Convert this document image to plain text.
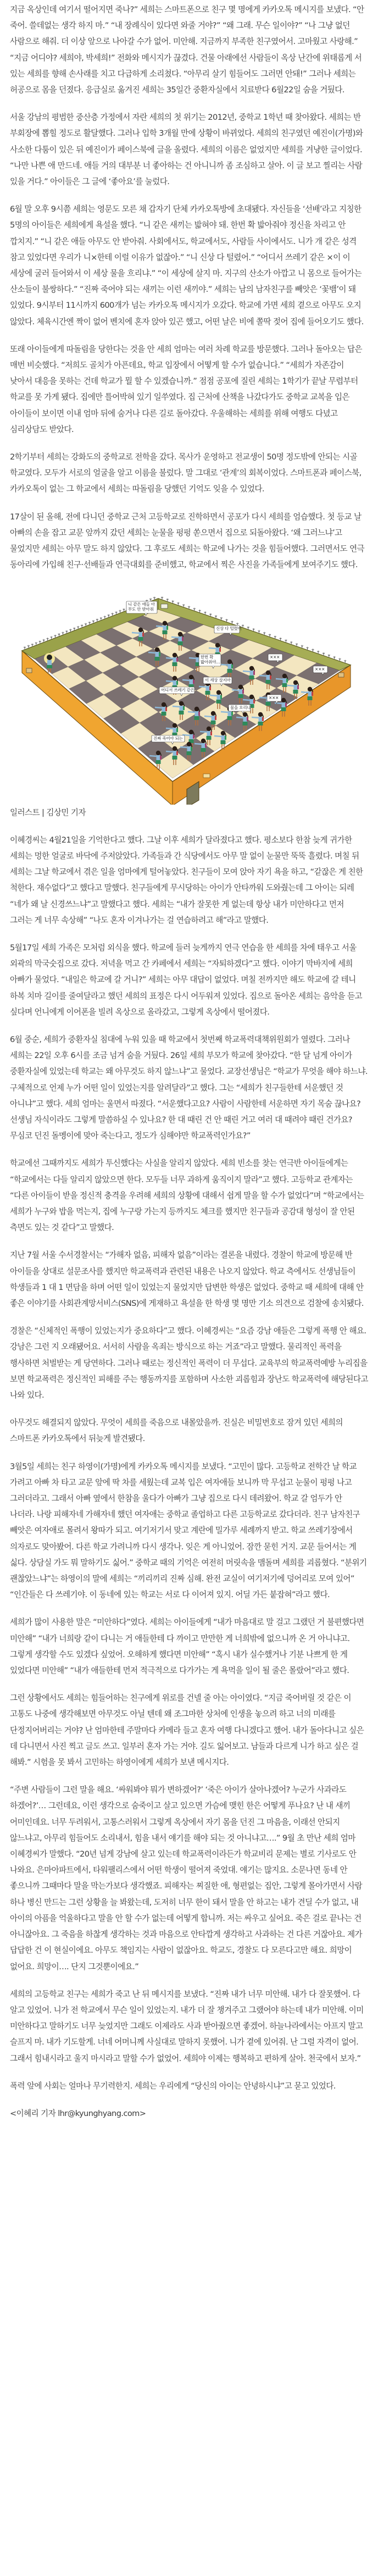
지금 옥상인데 여기서 떨어지면 죽나?” 세희는 스마트폰으로 친구 몇 명에게 카카오톡 메시지를 보냈다. “안 죽어. 쓸데없는 생각 하지 마.” “내 장례식이 있다면 와줄 거야?” “왜 그래. 무슨 일이야?” “나 그냥 없던 사람으로 해줘. 더 이상 앞으로 나아갈 수가 없어. 미안해. 지금까지 부족한 친구였어서. 고마웠고 사랑해.” “지금 어디야? 세희야, 박세희!” 전화와 메시지가 끊겼다. 건물 아래에선 사람들이 옥상 난간에 위태롭게 서 있는 세희를 향해 손사래를 치고 다급하게 소리쳤다. “아무리 살기 힘들어도 그러면 안돼!” 그러나 세희는 허공으로 몸을 던졌다. 응급실로 옮겨진 세희는 35일간 중환자실에서 치료받다 6월22일 숨을 거뒀다.

서울 강남의 평범한 중산층 가정에서 자란 세희의 첫 위기는 2012년, 중학교 1학년 때 찾아왔다. 세희는 반 부회장에 뽑힐 정도로 활달했다. 그러나 입학 3개월 만에 상황이 바뀌었다. 세희의 친구였던 예진이(가명)와 사소한 다툼이 있은 뒤 예진이가 페이스북에 글을 올렸다. 세희의 이름은 없었지만 세희를 겨냥한 글이었다. “나만 나쁜 애 만드네. 애들 거의 대부분 너 좋아하는 건 아니니까 좀 조심하고 살아. 이 글 보고 찔리는 사람 있을 거다.” 아이들은 그 글에 ‘좋아요’를 눌렀다.

6월 말 오후 9시쯤 세희는 영문도 모른 채 갑자기 단체 카카오톡방에 초대됐다. 자신들을 ‘선배’라고 지칭한 5명의 아이들은 세희에게 욕설을 했다. “니 같은 새끼는 밟혀야 돼. 한번 확 밟아줘야 정신을 차리고 안 깝치지.” “니 같은 애들 아무도 안 받아줘. 사회에서도, 학교에서도, 사람들 사이에서도. 니가 개 같은 성격 참고 있었다면 우리가 니×한테 이럴 이유가 없잖아.” “니 신상 다 털렸어.” “어디서 쓰레기 같은 ×이 이 세상에 굴러 들어와서 이 세상 물을 흐리냐.” “이 세상에 살지 마. 지구의 산소가 아깝고 니 몸으로 들어가는 산소들이 불쌍하다.” “진짜 죽어야 되는 새끼는 이런 새끼야.” 세희는 남의 남자친구를 빼앗은 ‘꽃뱀’이 돼 있었다. 9시부터 11시까지 600개가 넘는 카카오톡 메시지가 오갔다. 학교에 가면 세희 곁으로 아무도 오지 않았다. 체육시간엔 짝이 없어 벤치에 혼자 앉아 있곤 했고, 어떤 날은 비에 쫄딱 젖어 집에 들어오기도 했다.

또래 아이들에게 따돌림을 당한다는 것을 안 세희 엄마는 여러 차례 학교를 방문했다. 그러나 돌아오는 답은 매번 비슷했다. “저희도 골치가 아픈데요, 학교 입장에서 어떻게 할 수가 없습니다.” “세희가 자존감이 낮아서 대응을 못하는 건데 학교가 뭘 할 수 있겠습니까.” 점점 공포에 질린 세희는 1학기가 끝날 무렵부터 학교를 못 가게 됐다. 집에만 틀어박혀 있기 일쑤였다. 집 근처에 산책을 나갔다가도 중학교 교복을 입은 아이들이 보이면 이내 엄마 뒤에 숨거나 다른 길로 돌아갔다. 우울해하는 세희를 위해 여행도 다녔고 심리상담도 받았다.

2학기부터 세희는 강화도의 중학교로 전학을 갔다. 목사가 운영하고 전교생이 50명 정도밖에 안되는 시골 학교였다. 모두가 서로의 얼굴을 알고 이름을 불렀다. 말 그대로 ‘관계’의 회복이었다. 스마트폰과 페이스북, 카카오톡이 없는 그 학교에서 세희는 따돌림을 당했던 기억도 잊을 수 있었다.

17살이 된 올해, 전에 다니던 중학교 근처 고등학교로 진학하면서 공포가 다시 세희를 엄습했다. 첫 등교 날 아빠의 손을 잡고 교문 앞까지 갔던 세희는 눈물을 펑펑 쏟으면서 집으로 되돌아왔다. ‘왜 그러느냐’고 물었지만 세희는 아무 말도 하지 않았다. 그 후로도 세희는 학교에 나가는 것을 힘들어했다. 그러면서도 연극 동아리에 가입해 친구·선배들과 연극대회를 준비했고, 학교에서 찍은 사진을 가족들에게 보여주기도 했다.

니 같은 애들 아
무도 안 받아줘
신상 다 털렸어
한번 확
밟아줘야…
×××
이 세상 살지마
어디서 쓰레기 같은
×××
×××
물을 흐리냐
진짜 죽어야 되는

일러스트 | 김상민 기자

이혜경씨는 4월21일을 기억한다고 했다. 그날 이후 세희가 달라졌다고 했다. 평소보다 한참 늦게 귀가한 세희는 멍한 얼굴로 바닥에 주저앉았다. 가족들과 간 식당에서도 아무 말 없이 눈물만 뚝뚝 흘렸다. 며칠 뒤 세희는 그날 학교에서 겪은 일을 엄마에게 털어놓았다. 친구들이 모여 앉아 자기 욕을 하고, “같잖은 게 친한 척한다. 재수없다”고 했다고 말했다. 친구들에게 무시당하는 아이가 안타까워 도와줬는데 그 아이는 되레 “네가 왜 날 신경쓰느냐”고 말했다고 했다. 세희는 “내가 잘못한 게 없는데 항상 내가 미안하다고 먼저 그러는 게 너무 속상해” “나도 혼자 이겨나가는 걸 연습하려고 해”라고 말했다.

5월17일 세희 가족은 모처럼 외식을 했다. 학교에 들러 늦게까지 연극 연습을 한 세희를 차에 태우고 서울 외곽의 막국숫집으로 갔다. 저녁을 먹고 간 카페에서 세희는 “자퇴하겠다”고 했다. 이야기 막바지에 세희 아빠가 물었다. “내일은 학교에 갈 거니?” 세희는 아무 대답이 없었다. 며칠 전까지만 해도 학교에 갈 테니 하복 치마 길이를 줄여달라고 했던 세희의 표정은 다시 어두워져 있었다. 집으로 돌아온 세희는 음악을 듣고 싶다며 언니에게 이어폰을 빌려 옥상으로 올라갔고, 그렇게 옥상에서 떨어졌다.

6월 중순, 세희가 중환자실 침대에 누워 있을 때 학교에서 첫번째 학교폭력대책위원회가 열렸다. 그러나 세희는 22일 오후 6시를 조금 넘겨 숨을 거뒀다. 26일 세희 부모가 학교에 찾아갔다. “한 달 넘게 아이가 중환자실에 있었는데 학교는 왜 아무것도 하지 않느냐”고 물었다. 교장선생님은 “학교가 무엇을 해야 하느냐. 구체적으로 언제 누가 어떤 일이 있었는지를 알려달라”고 했다. 그는 “세희가 친구들한테 서운했던 것 아니냐”고 했다. 세희 엄마는 울면서 따졌다. “서운했다고요? 사람이 사람한테 서운하면 자기 목숨 끊나요? 선생님 자식이라도 그렇게 말씀하실 수 있나요? 한 대 때린 건 안 때린 거고 여러 대 때려야 때린 건가요? 무심코 던진 돌멩이에 맞아 죽는다고, 정도가 심해야만 학교폭력인가요?”

학교에선 그때까지도 세희가 투신했다는 사실을 알리지 않았다. 세희 빈소를 찾는 연극반 아이들에게는 “학교에서는 다들 알리지 않았으면 한다. 모두들 너무 과하게 움직이지 말라”고 했다. 고등학교 관계자는 “다른 아이들이 받을 정신적 충격을 우려해 세희의 상황에 대해서 쉽게 말을 할 수가 없었다”며 “학교에서는 세희가 누구와 밥을 먹는지, 집에 누구랑 가는지 등까지도 체크를 했지만 친구들과 공감대 형성이 잘 안된 측면도 있는 것 같다”고 말했다.

지난 7월 서울 수서경찰서는 “가해자 없음, 피해자 없음”이라는 결론을 내렸다. 경찰이 학교에 방문해 반 아이들을 상대로 설문조사를 했지만 학교폭력과 관련된 내용은 나오지 않았다. 학교 측에서도 선생님들이 학생들과 1 대 1 면담을 하며 어떤 일이 있었는지 물었지만 답변한 학생은 없었다. 중학교 때 세희에 대해 안 좋은 이야기를 사회관계망서비스(SNS)에 게재하고 욕설을 한 학생 몇 명만 기소 의견으로 검찰에 송치됐다.

경찰은 “신체적인 폭행이 있었는지가 중요하다”고 했다. 이혜경씨는 “요즘 강남 애들은 그렇게 폭행 안 해요. 강남은 그런 지 오래됐어요. 서서히 사람을 옥죄는 방식으로 하는 거죠”라고 말했다. 물리적인 폭력을 행사하면 처벌받는 게 당연하다. 그러나 때로는 정신적인 폭력이 더 무섭다. 교육부의 학교폭력예방 누리집을 보면 학교폭력은 정신적인 피해를 주는 행동까지를 포함하며 사소한 괴롭힘과 장난도 학교폭력에 해당된다고 나와 있다.

아무것도 해결되지 않았다. 무엇이 세희를 죽음으로 내몰았을까. 진실은 비밀번호로 잠겨 있던 세희의 스마트폰 카카오톡에서 뒤늦게 발견됐다.

3월5일 세희는 친구 하영이(가명)에게 카카오톡 메시지를 보냈다. “고민이 많다. 고등학교 전학간 날 학교 가려고 아빠 차 타고 교문 앞에 딱 차를 세웠는데 교복 입은 여자애들 보니까 막 무섭고 눈물이 펑펑 나고 그러더라고. 그래서 아빠 옆에서 한참을 울다가 아빠가 그냥 집으로 다시 데려왔어. 학교 갈 엄두가 안 나더라. 나랑 피해자네 가해자네 했던 여자애는 중학교 졸업하고 다른 고등학교로 갔다더라. 친구 남자친구 빼앗은 여자애로 몰려서 왕따가 되고. 여기저기서 맞고 계란에 밀가루 세례까지 받고. 학교 쓰레기장에서 의자로도 맞아봤어. 다른 학교 가려니까 다시 생각나. 잊은 게 아니었어. 잠깐 묻힌 거지. 교문 들어서는 게 싫다. 상담실 가도 뭐 말하기도 싫어.” 중학교 때의 기억은 여전히 머릿속을 맴돌며 세희를 괴롭혔다. “분위기 괜찮았느냐”는 하영이의 말에 세희는 “끼리끼리 진짜 심해. 완전 교실이 여기저기에 덩어리로 모여 있어” “인간들은 다 쓰레기야. 이 동네에 있는 학교는 서로 다 이어져 있지. 어딜 가든 붙잡혀”라고 했다.

세희가 많이 사용한 말은 “미안하다”였다. 세희는 아이들에게 “내가 마음대로 말 걸고 그랬던 거 불편했다면 미안해” “내가 너희랑 같이 다니는 거 애들한테 다 까이고 만만한 게 너희밖에 없으니까 온 거 아니냐고. 그렇게 생각할 수도 있겠다 싶었어. 오해하게 했다면 미안해” “혹시 내가 실수했거나 기분 나쁘게 한 게 있었다면 미안해” “내가 애들한테 먼저 적극적으로 다가가는 게 욕먹을 일이 될 줄은 몰랐어”라고 했다.

그런 상황에서도 세희는 힘들어하는 친구에게 위로를 건넬 줄 아는 아이였다. “지금 죽어버릴 것 같은 이 고통도 나중에 생각해보면 아무것도 아닐 텐데 왜 조그마한 상처에 인생을 놓으려 하고 너의 미래를 단정지어버리는 거야? 난 엄마한테 주말마다 카메라 들고 혼자 여행 다니겠다고 했어. 내가 돌아다니고 싶은 데 다니면서 사진 찍고 글도 쓰고. 일부러 혼자 가는 거야. 길도 잃어보고. 남들과 다르게 니가 하고 싶은 걸 해봐.” 시험을 못 봐서 고민하는 하영이에게 세희가 보낸 메시지다.

“주변 사람들이 그런 말을 해요. ‘싸워봐야 뭐가 변하겠어?’ ‘죽은 아이가 살아나겠어? 누군가 사과라도 하겠어?’… 그런데요, 이런 생각으로 숨죽이고 살고 있으면 가슴에 맺힌 한은 어떻게 푸나요? 난 내 새끼 어미인데요. 너무 두려워서, 고통스러워서 그렇게 옥상에서 자기 몸을 던진 그 마음을, 이래선 안되지 않느냐고, 아무리 힘들어도 소리내서, 힘을 내서 얘기를 해야 되는 것 아니냐고….” 9월 초 만난 세희 엄마 이혜경씨가 말했다. “20년 넘게 강남에 살고 있는데 학교폭력이라든가 학교비리 문제는 별로 기사로도 안 나와요. 은마아파트에서, 타워팰리스에서 어떤 학생이 떨어져 죽었대. 얘기는 많지요. 소문나면 동네 안 좋으니까 그때마다 말을 막는가보다 생각했죠. 피해자는 찌질한 애, 형편없는 집안, 그렇게 몰아가면서 사람 하나 병신 만드는 그런 상황을 늘 봐왔는데, 도저히 너무 한이 돼서 말을 안 하고는 내가 견딜 수가 없고, 내 아이의 아픔을 억울하다고 말을 안 할 수가 없는데 어떻게 합니까. 저는 싸우고 싶어요. 죽은 걸로 끝나는 건 아니잖아요. 그 죽음을 하찮게 생각하는 것과 마음으로 안타깝게 생각하고 사과하는 건 다른 거잖아요. 제가 답답한 건 이 현실이에요. 아무도 책임지는 사람이 없잖아요. 학교도, 경찰도 다 모른다고만 해요. 희망이 없어요. 희망이…. 단지 그것뿐이에요.”

세희의 고등학교 친구는 세희가 죽고 난 뒤 메시지를 보냈다. “진짜 내가 너무 미안해. 내가 다 잘못했어. 다 알고 있었어. 니가 전 학교에서 무슨 일이 있었는지. 내가 더 잘 챙겨주고 그랬어야 하는데 내가 미안해. 이미 미안하다고 말하기도 너무 늦었지만 그래도 이제라도 사과 받아줬으면 좋겠어. 하늘나라에서는 아프지 말고 슬프지 마. 내가 기도할게. 너네 어머니께 사실대로 말하지 못했어. 니가 곁에 있어줘. 난 그럴 자격이 없어. 그래서 힘내시라고 울지 마시라고 말할 수가 없었어. 세희야 이제는 행복하고 편하게 살아. 천국에서 보자.”

폭력 앞에 사회는 얼마나 무기력한지. 세희는 우리에게 “당신의 아이는 안녕하시냐”고 묻고 있었다.

<이혜리 기자 lhr@kyunghyang.com>
